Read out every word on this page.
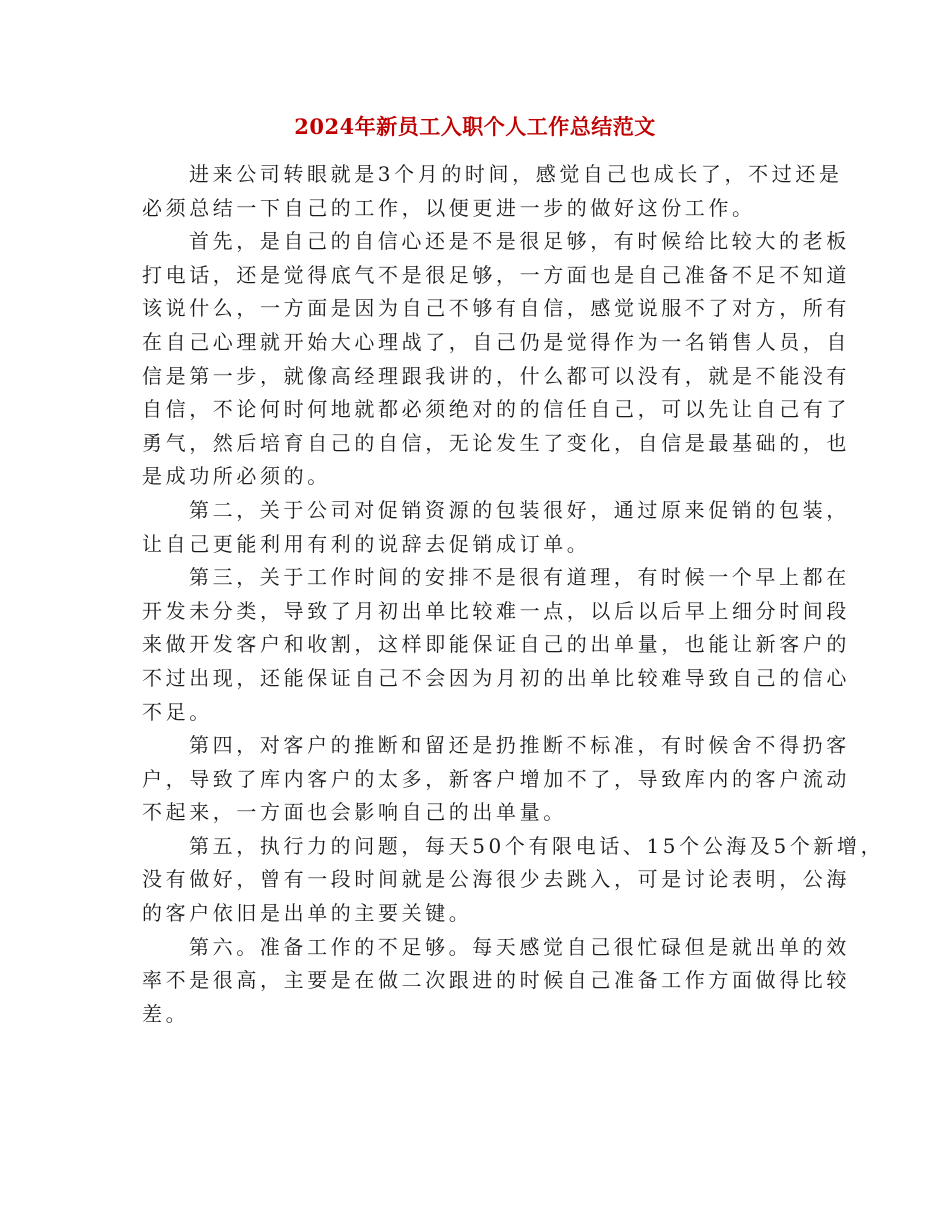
2024年新员工入职个人工作总结范文
进来公司转眼就是3个月的时间，感觉自己也成长了，不过还是
必须总结一下自己的工作，以便更进一步的做好这份工作。
首先，是自己的自信心还是不是很足够，有时候给比较大的老板
打电话，还是觉得底气不是很足够，一方面也是自己准备不足不知道
该说什么，一方面是因为自己不够有自信，感觉说服不了对方，所有
在自己心理就开始大心理战了，自己仍是觉得作为一名销售人员，自
信是第一步，就像高经理跟我讲的，什么都可以没有，就是不能没有
自信，不论何时何地就都必须绝对的的信任自己，可以先让自己有了
勇气，然后培育自己的自信，无论发生了变化，自信是最基础的，也
是成功所必须的。
第二，关于公司对促销资源的包装很好，通过原来促销的包装，
让自己更能利用有利的说辞去促销成订单。
第三，关于工作时间的安排不是很有道理，有时候一个早上都在
开发未分类，导致了月初出单比较难一点，以后以后早上细分时间段
来做开发客户和收割，这样即能保证自己的出单量，也能让新客户的
不过出现，还能保证自己不会因为月初的出单比较难导致自己的信心
不足。
第四，对客户的推断和留还是扔推断不标准，有时候舍不得扔客
户，导致了库内客户的太多，新客户增加不了，导致库内的客户流动
不起来，一方面也会影响自己的出单量。
第五，执行力的问题，每天50个有限电话、15个公海及5个新增，
没有做好，曾有一段时间就是公海很少去跳入，可是讨论表明，公海
的客户依旧是出单的主要关键。
第六。准备工作的不足够。每天感觉自己很忙碌但是就出单的效
率不是很高，主要是在做二次跟进的时候自己准备工作方面做得比较
差。
